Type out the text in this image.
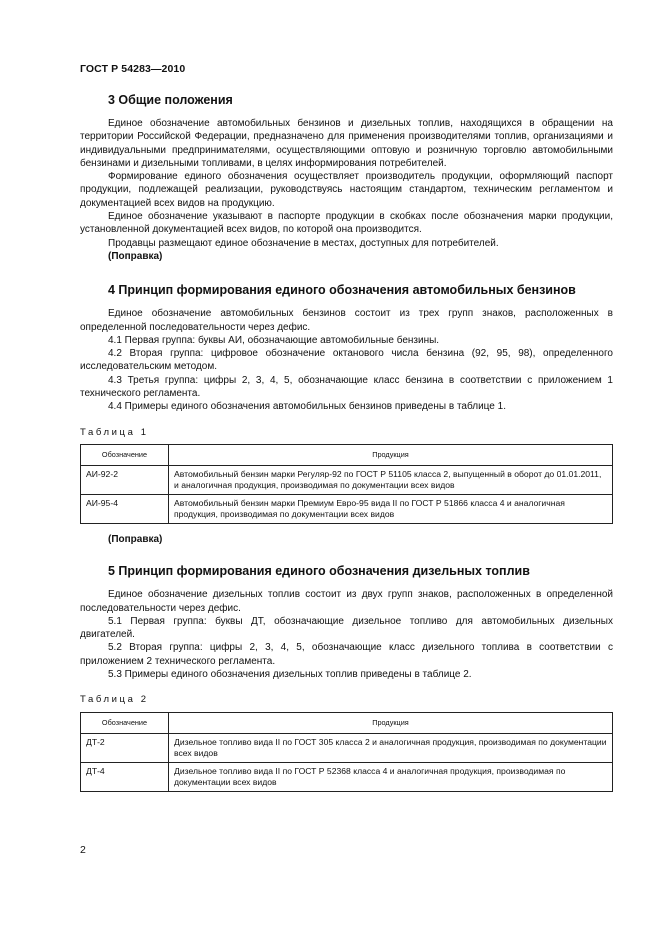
ГОСТ Р 54283—2010
3 Общие положения

Единое обозначение автомобильных бензинов и дизельных топлив, находящихся в обращении на территории Российской Федерации, предназначено для применения производителями топлив, организациями и индивидуальными предпринимателями, осуществляющими оптовую и розничную торговлю автомобильными бензинами и дизельными топливами, в целях информирования потребителей.

Формирование единого обозначения осуществляет производитель продукции, оформляющий паспорт продукции, подлежащей реализации, руководствуясь настоящим стандартом, техническим регламентом и документацией всех видов на продукцию.

Единое обозначение указывают в паспорте продукции в скобках после обозначения марки продукции, установленной документацией всех видов, по которой она производится.

Продавцы размещают единое обозначение в местах, доступных для потребителей.

(Поправка)

4 Принцип формирования единого обозначения автомобильных бензинов

Единое обозначение автомобильных бензинов состоит из трех групп знаков, расположенных в определенной последовательности через дефис.

4.1 Первая группа: буквы АИ, обозначающие автомобильные бензины.

4.2 Вторая группа: цифровое обозначение октанового числа бензина (92, 95, 98), определенного исследовательским методом.

4.3 Третья группа: цифры 2, 3, 4, 5, обозначающие класс бензина в соответствии с приложением 1 технического регламента.

4.4 Примеры единого обозначения автомобильных бензинов приведены в таблице 1.

Таблица 1
Обозначение	Продукция
АИ-92-2	Автомобильный бензин марки Регуляр-92 по ГОСТ Р 51105 класса 2, выпущенный в оборот до 01.01.2011, и аналогичная продукция, производимая по документации всех видов
АИ-95-4	Автомобильный бензин марки Премиум Евро-95 вида II по ГОСТ Р 51866 класса 4 и аналогичная продукция, производимая по документации всех видов

(Поправка)

5 Принцип формирования единого обозначения дизельных топлив

Единое обозначение дизельных топлив состоит из двух групп знаков, расположенных в определенной последовательности через дефис.

5.1 Первая группа: буквы ДТ, обозначающие дизельное топливо для автомобильных дизельных двигателей.

5.2 Вторая группа: цифры 2, 3, 4, 5, обозначающие класс дизельного топлива в соответствии с приложением 2 технического регламента.

5.3 Примеры единого обозначения дизельных топлив приведены в таблице 2.

Таблица 2
Обозначение	Продукция
ДТ-2	Дизельное топливо вида II по ГОСТ 305 класса 2 и аналогичная продукция, производимая по документации всех видов
ДТ-4	Дизельное топливо вида II по ГОСТ Р 52368 класса 4 и аналогичная продукция, производимая по документации всех видов
2
